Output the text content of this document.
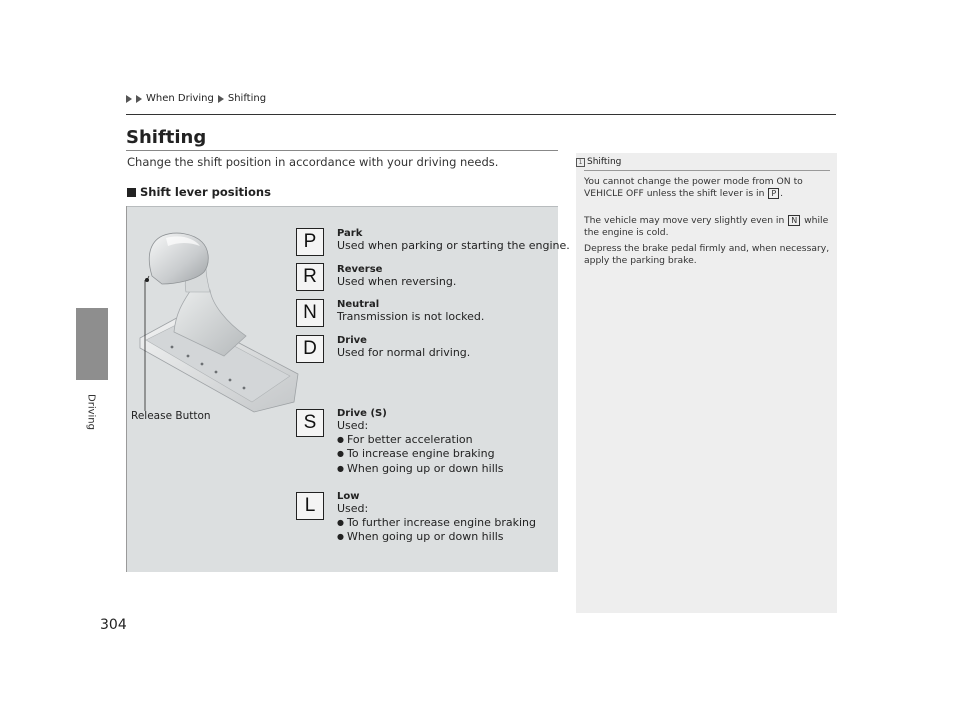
When Driving Shifting
Driving
Shifting
Change the shift position in accordance with your driving needs.
Shift lever positions
Release Button
P	Park
Used when parking or starting the engine.
R	Reverse
Used when reversing.
N	Neutral
Transmission is not locked.
D	Drive
Used for normal driving.
S	Drive (S)
Used:
● For better acceleration
● To increase engine braking
● When going up or down hills
L	Low
Used:
● To further increase engine braking
● When going up or down hills
1 Shifting
You cannot change the power mode from ON to VEHICLE OFF unless the shift lever is in P .
The vehicle may move very slightly even in N while the engine is cold.
Depress the brake pedal firmly and, when necessary, apply the parking brake.
304
